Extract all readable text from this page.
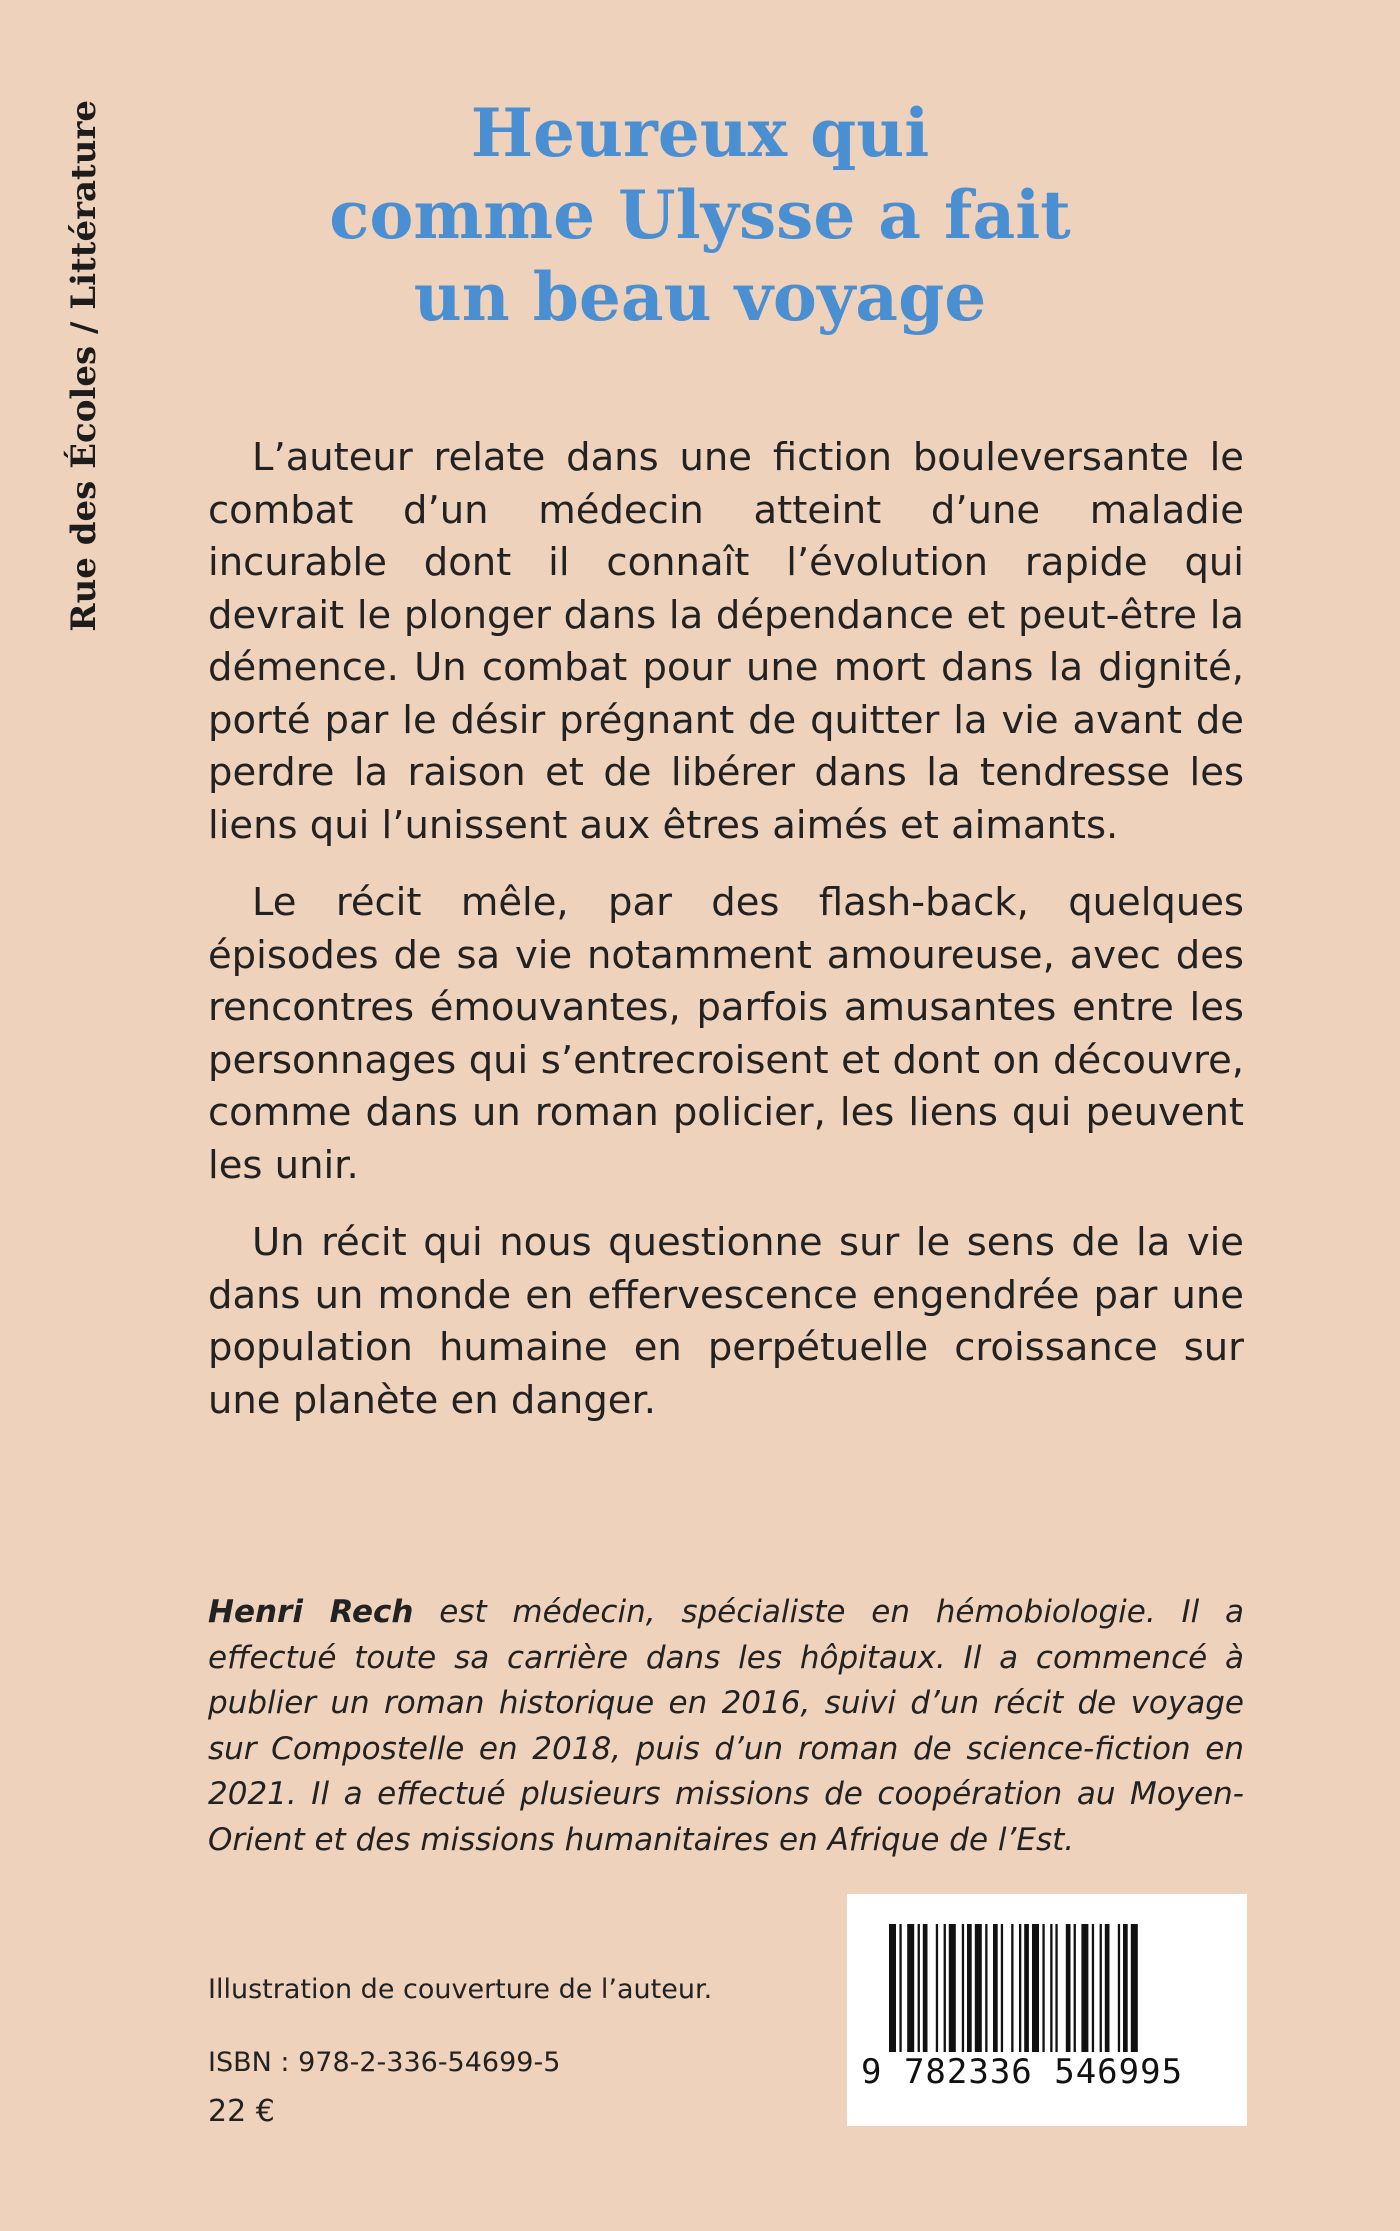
Rue des Écoles / Littérature	Heureux qui
comme Ulysse a fait
un beau voyage

L’auteur relate dans une fiction bouleversante le combat d’un médecin atteint d’une maladie incurable dont il connaît l’évolution rapide qui devrait le plonger dans la dépendance et peut-être la démence. Un combat pour une mort dans la dignité, porté par le désir prégnant de quitter la vie avant de perdre la raison et de libérer dans la tendresse les liens qui l’unissent aux êtres aimés et aimants.

Le récit mêle, par des flash-back, quelques épisodes de sa vie notamment amoureuse, avec des rencontres émouvantes, parfois amusantes entre les personnages qui s’entrecroisent et dont on découvre, comme dans un roman policier, les liens qui peuvent les unir.

Un récit qui nous questionne sur le sens de la vie dans un monde en effervescence engendrée par une population humaine en perpétuelle croissance sur une planète en danger.

Henri Rech est médecin, spécialiste en hémobiologie. Il a effectué toute sa carrière dans les hôpitaux. Il a commencé à publier un roman historique en 2016, suivi d’un récit de voyage sur Compostelle en 2018, puis d’un roman de science-fiction en 2021. Il a effectué plusieurs missions de coopération au Moyen-Orient et des missions humanitaires en Afrique de l’Est.
Illustration de couverture de l’auteur.
ISBN : 978-2-336-54699-5
22 €
9 782336 546995
